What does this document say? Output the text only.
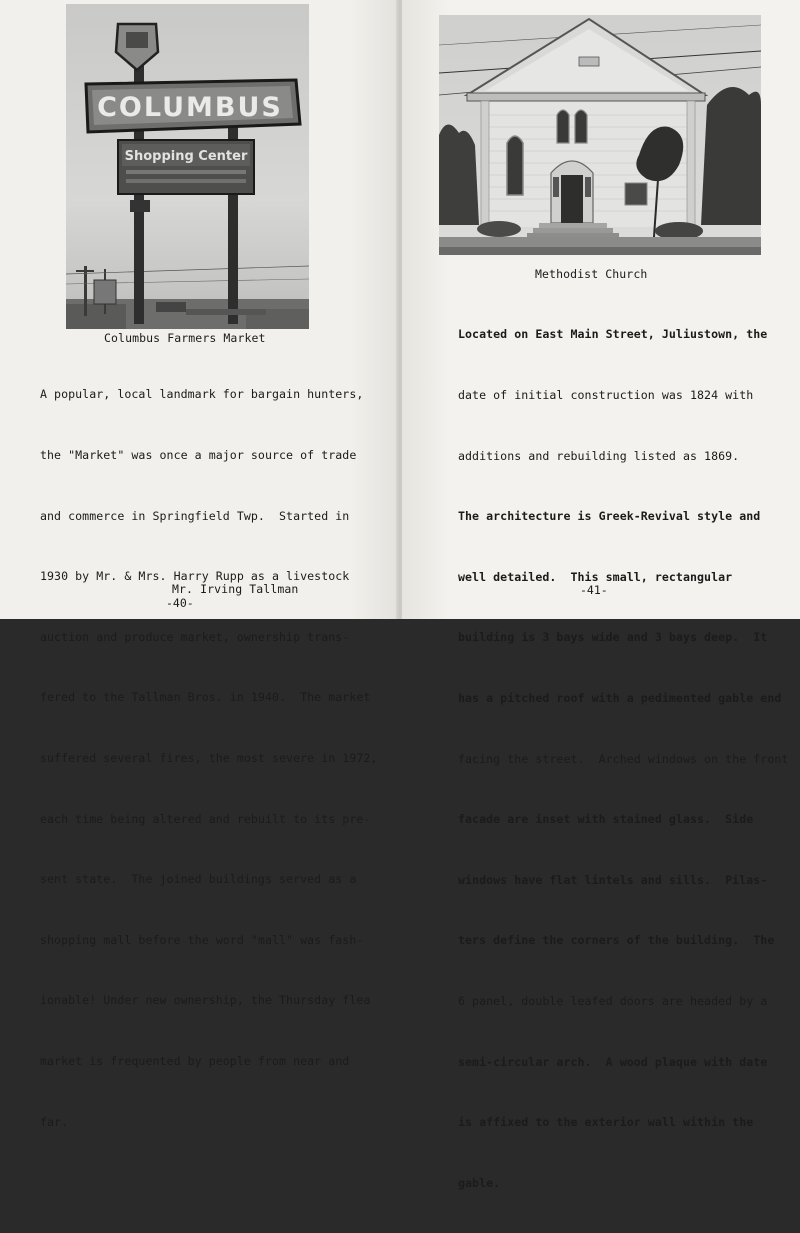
COLUMBUS
Shopping Center
Columbus Farmers Market

A popular, local landmark for bargain hunters,

the "Market" was once a major source of trade

and commerce in Springfield Twp.  Started in

1930 by Mr. & Mrs. Harry Rupp as a livestock

auction and produce market, ownership trans-

fered to the Tallman Bros. in 1940.  The market

suffered several fires, the most severe in 1972,

each time being altered and rebuilt to its pre-

sent state.  The joined buildings served as a

shopping mall before the word "mall" was fash-

ionable! Under new ownership, the Thursday flea

market is frequented by people from near and

far.

Mr. Irving Tallman
-40-
Methodist Church

Located on East Main Street, Juliustown, the

date of initial construction was 1824 with

additions and rebuilding listed as 1869.

The architecture is Greek-Revival style and

well detailed.  This small, rectangular

building is 3 bays wide and 3 bays deep.  It

has a pitched roof with a pedimented gable end

facing the street.  Arched windows on the front

facade are inset with stained glass.  Side

windows have flat lintels and sills.  Pilas-

ters define the corners of the building.  The

6 panel, double leafed doors are headed by a

semi-circular arch.  A wood plaque with date

is affixed to the exterior wall within the

gable.

-41-
